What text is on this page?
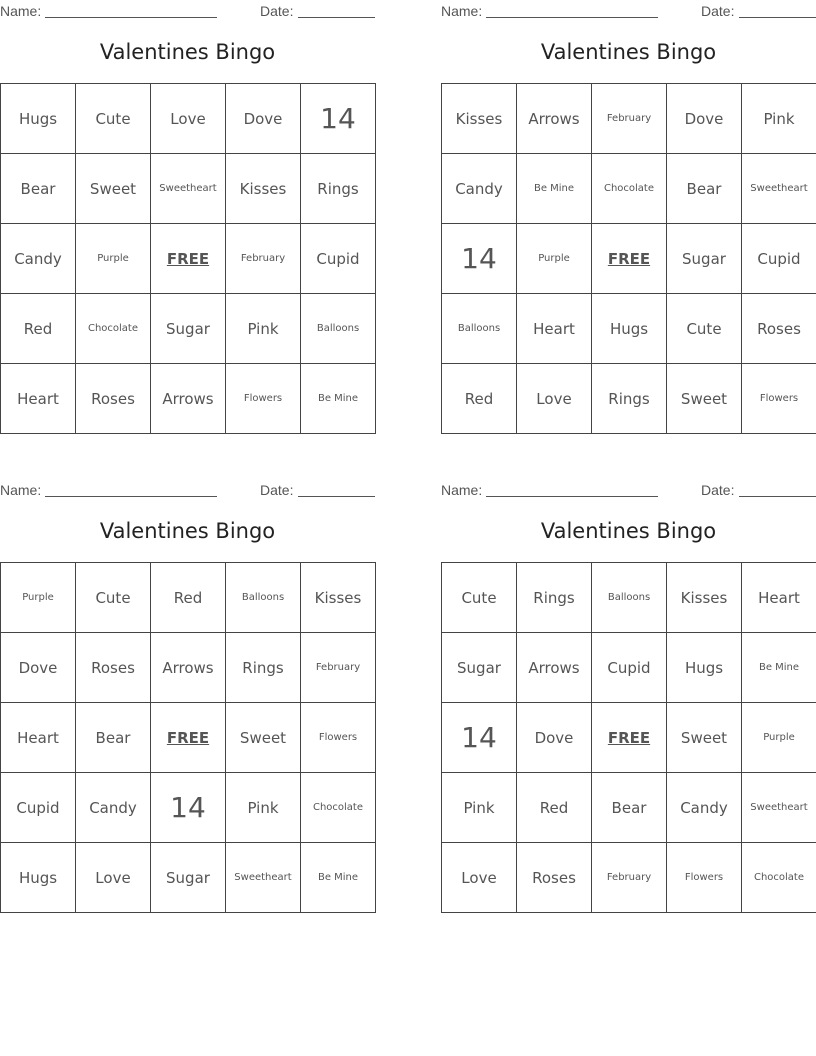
Name:	Date:
Valentines Bingo
Hugs	Cute	Love	Dove	14
Bear	Sweet	Sweetheart	Kisses	Rings
Candy	Purple	FREE	February	Cupid
Red	Chocolate	Sugar	Pink	Balloons
Heart	Roses	Arrows	Flowers	Be Mine
Name:	Date:
Valentines Bingo
Kisses	Arrows	February	Dove	Pink
Candy	Be Mine	Chocolate	Bear	Sweetheart
14	Purple	FREE	Sugar	Cupid
Balloons	Heart	Hugs	Cute	Roses
Red	Love	Rings	Sweet	Flowers
Name:	Date:
Valentines Bingo
Purple	Cute	Red	Balloons	Kisses
Dove	Roses	Arrows	Rings	February
Heart	Bear	FREE	Sweet	Flowers
Cupid	Candy	14	Pink	Chocolate
Hugs	Love	Sugar	Sweetheart	Be Mine
Name:	Date:
Valentines Bingo
Cute	Rings	Balloons	Kisses	Heart
Sugar	Arrows	Cupid	Hugs	Be Mine
14	Dove	FREE	Sweet	Purple
Pink	Red	Bear	Candy	Sweetheart
Love	Roses	February	Flowers	Chocolate
